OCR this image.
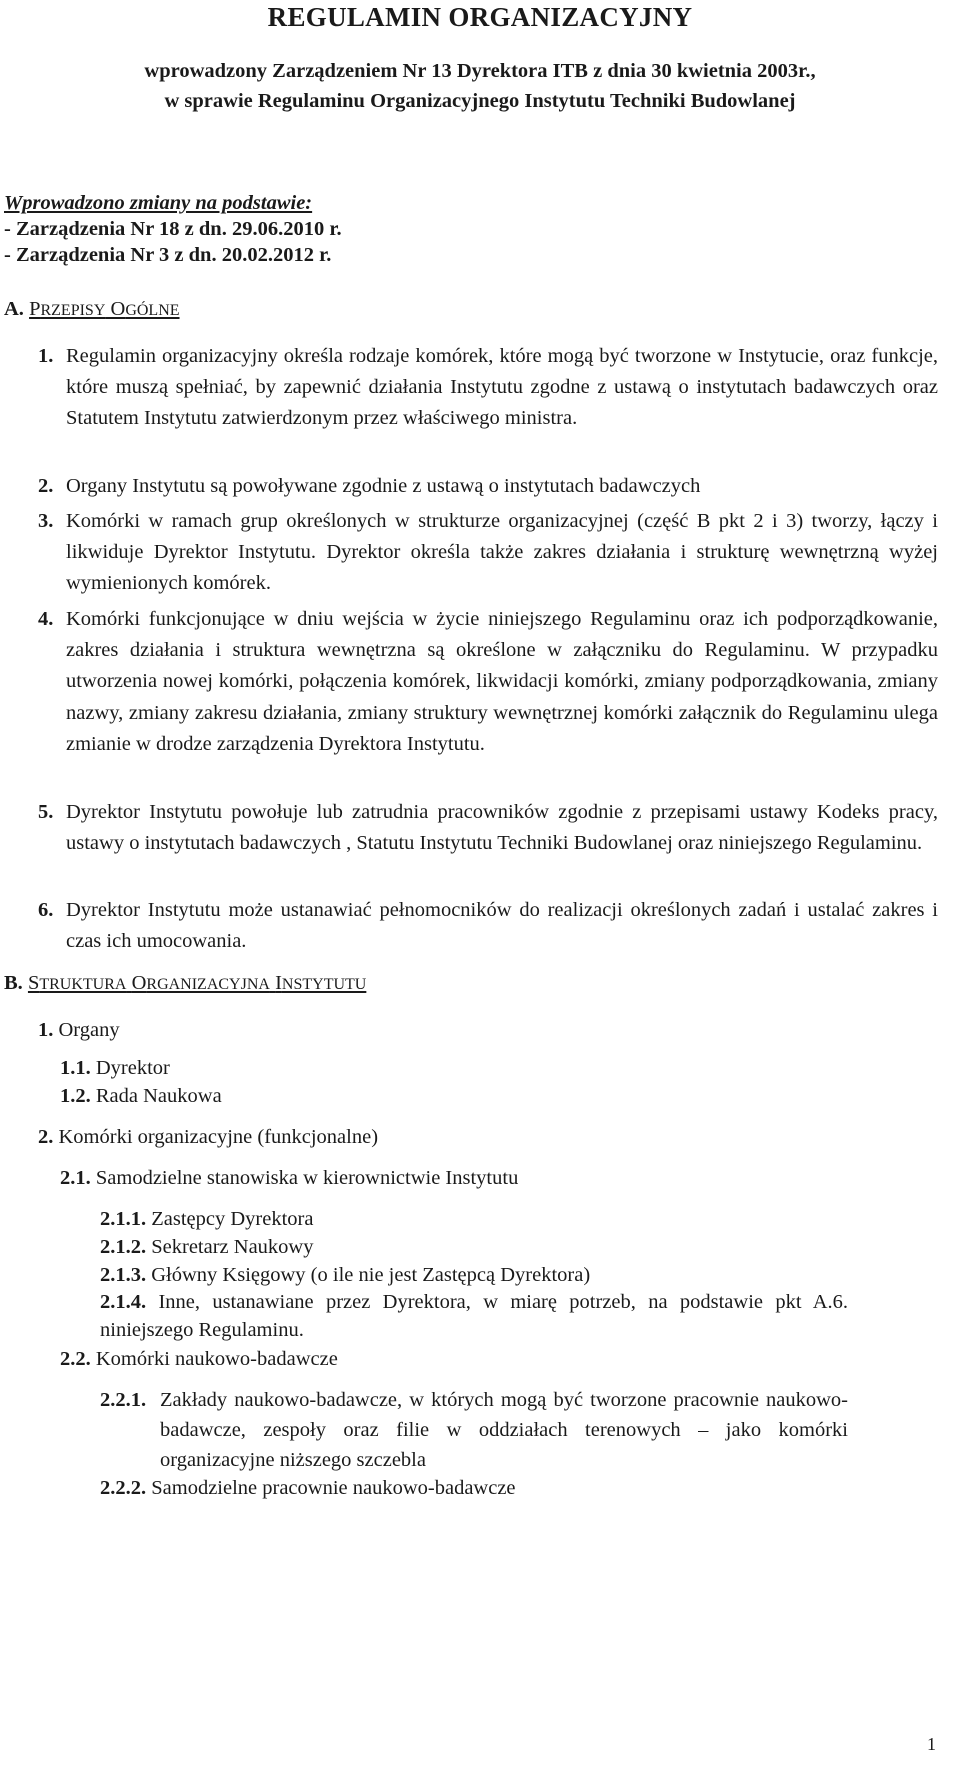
REGULAMIN ORGANIZACYJNY
wprowadzony Zarządzeniem Nr 13 Dyrektora ITB z dnia 30 kwietnia 2003r.,
w sprawie Regulaminu Organizacyjnego Instytutu Techniki Budowlanej
Wprowadzono zmiany na podstawie:
- Zarządzenia Nr 18 z dn. 29.06.2010 r.
- Zarządzenia Nr 3 z dn. 20.02.2012 r.
A. PRZEPISY OGÓLNE
1. Regulamin organizacyjny określa rodzaje komórek, które mogą być tworzone w Instytucie, oraz funkcje, które muszą spełniać, by zapewnić działania Instytutu zgodne z ustawą o instytutach badawczych oraz Statutem Instytutu zatwierdzonym przez właściwego ministra.
2. Organy Instytutu są powoływane zgodnie z ustawą o instytutach badawczych
3. Komórki w ramach grup określonych w strukturze organizacyjnej (część B pkt 2 i 3) tworzy, łączy i likwiduje Dyrektor Instytutu. Dyrektor określa także zakres działania i strukturę wewnętrzną wyżej wymienionych komórek.
4. Komórki funkcjonujące w dniu wejścia w życie niniejszego Regulaminu oraz ich podporządkowanie, zakres działania i struktura wewnętrzna są określone w załączniku do Regulaminu. W przypadku utworzenia nowej komórki, połączenia komórek, likwidacji komórki, zmiany podporządkowania, zmiany nazwy, zmiany zakresu działania, zmiany struktury wewnętrznej komórki załącznik do Regulaminu ulega zmianie w drodze zarządzenia Dyrektora Instytutu.
5. Dyrektor Instytutu powołuje lub zatrudnia pracowników zgodnie z przepisami ustawy Kodeks pracy, ustawy o instytutach badawczych , Statutu Instytutu Techniki Budowlanej oraz niniejszego Regulaminu.
6. Dyrektor Instytutu może ustanawiać pełnomocników do realizacji określonych zadań i ustalać zakres i czas ich umocowania.
B. STRUKTURA ORGANIZACYJNA INSTYTUTU
1. Organy
1.1. Dyrektor
1.2. Rada Naukowa
2. Komórki organizacyjne (funkcjonalne)
2.1. Samodzielne stanowiska w kierownictwie Instytutu
2.1.1. Zastępcy Dyrektora
2.1.2. Sekretarz Naukowy
2.1.3. Główny Księgowy (o ile nie jest Zastępcą Dyrektora)
2.1.4. Inne, ustanawiane przez Dyrektora, w miarę potrzeb, na podstawie pkt A.6. niniejszego Regulaminu.
2.2. Komórki naukowo-badawcze
2.2.1. Zakłady naukowo-badawcze, w których mogą być tworzone pracownie naukowo-badawcze, zespoły oraz filie w oddziałach terenowych – jako komórki organizacyjne niższego szczebla
2.2.2. Samodzielne pracownie naukowo-badawcze
1
